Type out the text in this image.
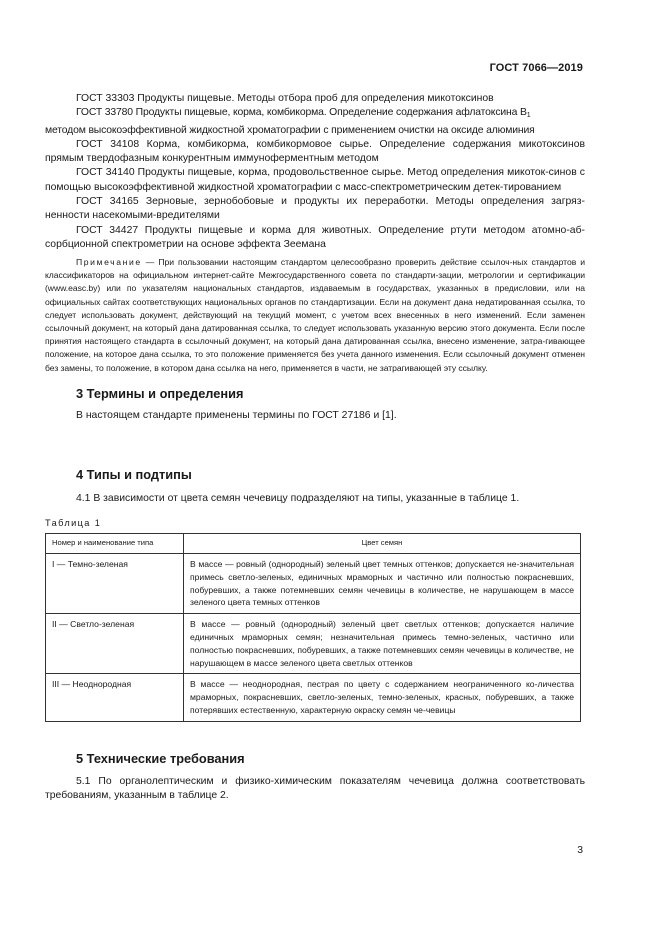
ГОСТ 7066—2019

ГОСТ 33303 Продукты пищевые. Методы отбора проб для определения микотоксинов

ГОСТ 33780 Продукты пищевые, корма, комбикорма. Определение содержания афлатоксина $В_1$

методом высокоэффективной жидкостной хроматографии с применением очистки на оксиде алюминия

ГОСТ 34108 Корма, комбикорма, комбикормовое сырье. Определение содержания микотоксинов прямым твердофазным конкурентным иммуноферментным методом

ГОСТ 34140 Продукты пищевые, корма, продовольственное сырье. Метод определения микоток-синов с помощью высокоэффективной жидкостной хроматографии с масс-спектрометрическим детек-тированием

ГОСТ 34165 Зерновые, зернобобовые и продукты их переработки. Методы определения загряз-ненности насекомыми-вредителями

ГОСТ 34427 Продукты пищевые и корма для животных. Определение ртути методом атомно-аб-сорбционной спектрометрии на основе эффекта Зеемана

Примечание — При пользовании настоящим стандартом целесообразно проверить действие ссылоч-ных стандартов и классификаторов на официальном интернет-сайте Межгосударственного совета по стандарти-зации, метрологии и сертификации (www.easc.by) или по указателям национальных стандартов, издаваемым в государствах, указанных в предисловии, или на официальных сайтах соответствующих национальных органов по стандартизации. Если на документ дана недатированная ссылка, то следует использовать документ, действующий на текущий момент, с учетом всех внесенных в него изменений. Если заменен ссылочный документ, на который дана датированная ссылка, то следует использовать указанную версию этого документа. Если после принятия настоящего стандарта в ссылочный документ, на который дана датированная ссылка, внесено изменение, затра-гивающее положение, на которое дана ссылка, то это положение применяется без учета данного изменения. Если ссылочный документ отменен без замены, то положение, в котором дана ссылка на него, применяется в части, не затрагивающей эту ссылку.
3 Термины и определения
В настоящем стандарте применены термины по ГОСТ 27186 и [1].
4 Типы и подтипы
4.1 В зависимости от цвета семян чечевицу подразделяют на типы, указанные в таблице 1.
Таблица 1
Номер и наименование типа	Цвет семян
I — Темно-зеленая	В массе — ровный (однородный) зеленый цвет темных оттенков; допускается не-значительная примесь светло-зеленых, единичных мраморных и частично или полностью покрасневших, побуревших, а также потемневших семян чечевицы в количестве, не нарушающем в массе зеленого цвета темных оттенков
II — Светло-зеленая	В массе — ровный (однородный) зеленый цвет светлых оттенков; допускается наличие единичных мраморных семян; незначительная примесь темно-зеленых, частично или полностью покрасневших, побуревших, а также потемневших семян чечевицы в количестве, не нарушающем в массе зеленого цвета светлых оттенков
III — Неоднородная	В массе — неоднородная, пестрая по цвету с содержанием неограниченного ко-личества мраморных, покрасневших, светло-зеленых, темно-зеленых, красных, побуревших, а также потерявших естественную, характерную окраску семян че-чевицы
5 Технические требования
5.1 По органолептическим и физико-химическим показателям чечевица должна соответствовать требованиям, указанным в таблице 2.
3
